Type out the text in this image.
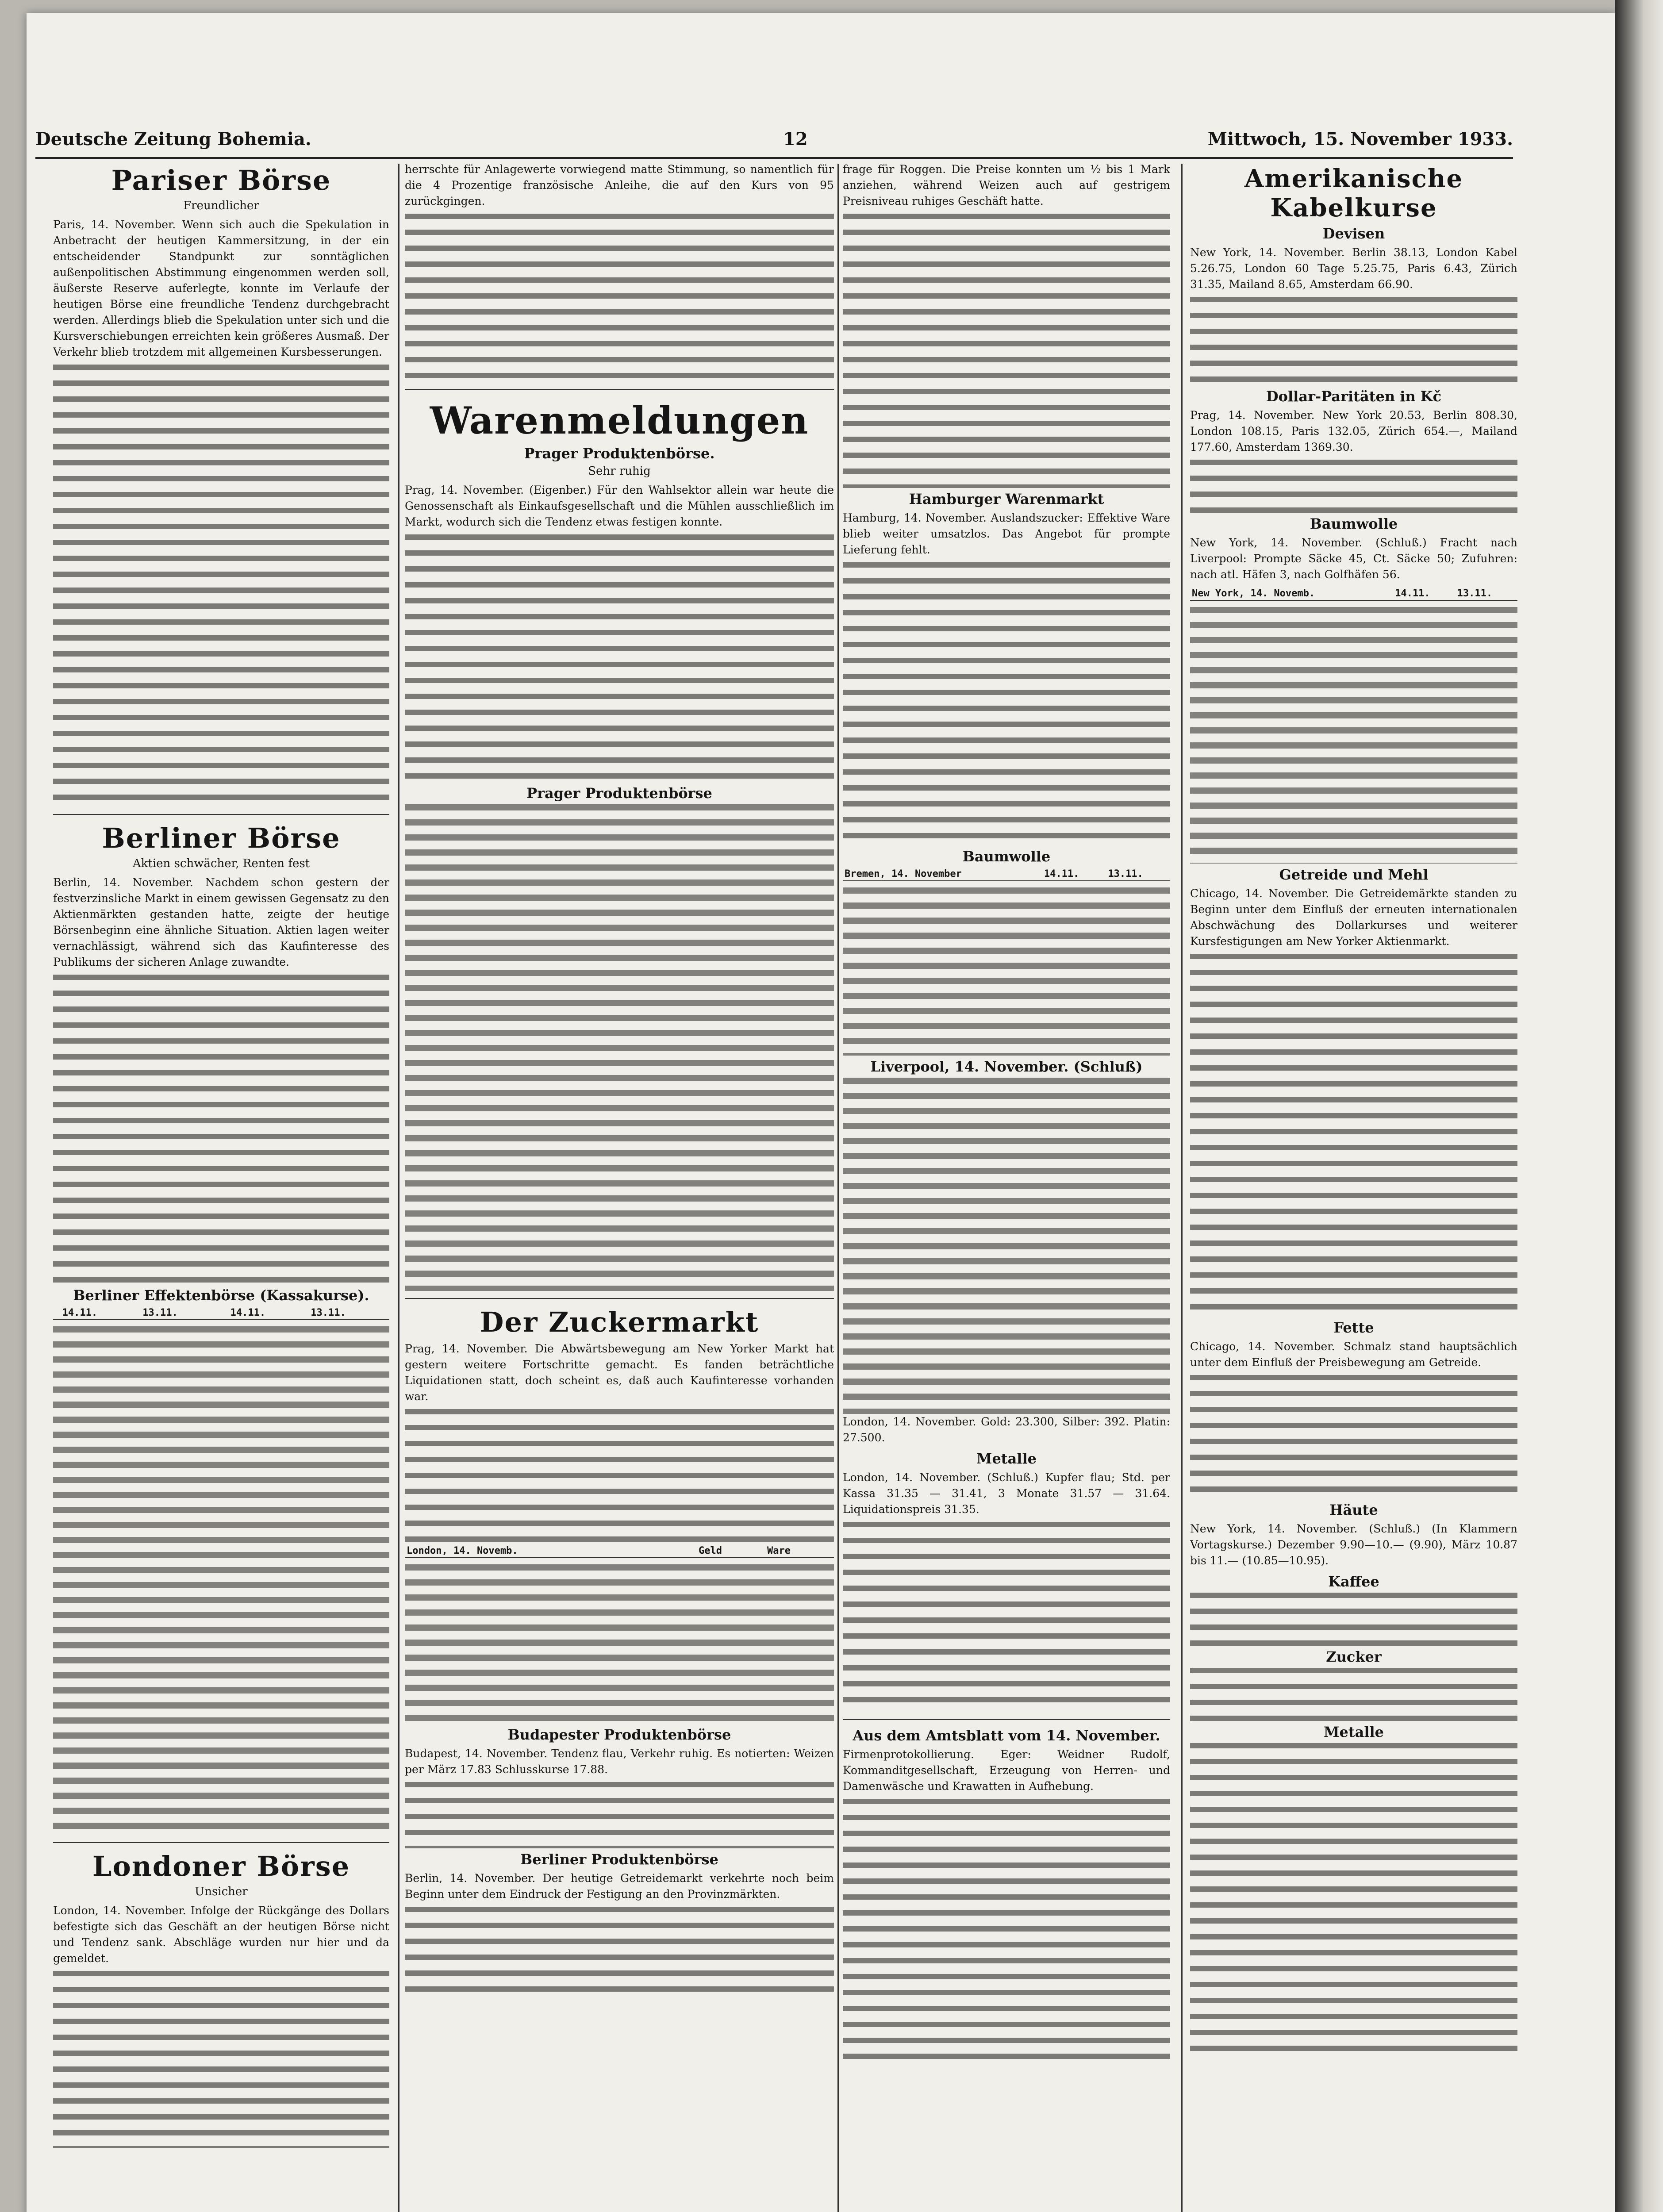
Deutsche Zeitung Bohemia.	12	Mittwoch, 15. November 1933.
Pariser Börse
Freundlicher
Paris, 14. November. Wenn sich auch die Spekulation in Anbetracht der heutigen Kammersitzung, in der ein entscheidender Standpunkt zur sonntäglichen außenpolitischen Abstimmung eingenommen werden soll, äußerste Reserve auferlegte, konnte im Verlaufe der heutigen Börse eine freundliche Tendenz durchgebracht werden. Allerdings blieb die Spekulation unter sich und die Kursverschiebungen erreichten kein größeres Ausmaß. Der Verkehr blieb trotzdem mit allgemeinen Kursbesserungen.
Berliner Börse
Aktien schwächer, Renten fest
Berlin, 14. November. Nachdem schon gestern der festverzinsliche Markt in einem gewissen Gegensatz zu den Aktienmärkten gestanden hatte, zeigte der heutige Börsenbeginn eine ähnliche Situation. Aktien lagen weiter vernachlässigt, während sich das Kaufinteresse des Publikums der sicheren Anlage zuwandte.
Berliner Effektenbörse (Kassakurse).
	14.11.	13.11.		14.11.	13.11.
Londoner Börse
Unsicher
London, 14. November. Infolge der Rückgänge des Dollars befestigte sich das Geschäft an der heutigen Börse nicht und Tendenz sank. Abschläge wurden nur hier und da gemeldet.
herrschte für Anlagewerte vorwiegend matte Stimmung, so namentlich für die 4 Prozentige französische Anleihe, die auf den Kurs von 95 zurückgingen.
Warenmeldungen
Prager Produktenbörse.
Sehr ruhig
Prag, 14. November. (Eigenber.) Für den Wahlsektor allein war heute die Genossenschaft als Einkaufsgesellschaft und die Mühlen ausschließlich im Markt, wodurch sich die Tendenz etwas festigen konnte.
Prager Produktenbörse
Der Zuckermarkt
Prag, 14. November. Die Abwärtsbewegung am New Yorker Markt hat gestern weitere Fortschritte gemacht. Es fanden beträchtliche Liquidationen statt, doch scheint es, daß auch Kaufinteresse vorhanden war.
London, 14. Novemb.	Geld	Ware
Budapester Produktenbörse
Budapest, 14. November. Tendenz flau, Verkehr ruhig. Es notierten: Weizen per März 17.83 Schlusskurse 17.88.
Berliner Produktenbörse
Berlin, 14. November. Der heutige Getreidemarkt verkehrte noch beim Beginn unter dem Eindruck der Festigung an den Provinzmärkten.
frage für Roggen. Die Preise konnten um ½ bis 1 Mark anziehen, während Weizen auch auf gestrigem Preisniveau ruhiges Geschäft hatte.
Hamburger Warenmarkt
Hamburg, 14. November. Auslandszucker: Effektive Ware blieb weiter umsatzlos. Das Angebot für prompte Lieferung fehlt.
Baumwolle
Bremen, 14. November	14.11.	13.11.
Liverpool, 14. November. (Schluß)
London, 14. November. Gold: 23.300, Silber: 392. Platin: 27.500.
Metalle
London, 14. November. (Schluß.) Kupfer flau; Std. per Kassa 31.35 — 31.41, 3 Monate 31.57 — 31.64. Liquidationspreis 31.35.
Aus dem Amtsblatt vom 14. November.
Firmenprotokollierung. Eger: Weidner Rudolf, Kommanditgesellschaft, Erzeugung von Herren- und Damenwäsche und Krawatten in Aufhebung.
Amerikanische Kabelkurse
Devisen
New York, 14. November. Berlin 38.13, London Kabel 5.26.75, London 60 Tage 5.25.75, Paris 6.43, Zürich 31.35, Mailand 8.65, Amsterdam 66.90.
Dollar-Paritäten in Kč
Prag, 14. November. New York 20.53, Berlin 808.30, London 108.15, Paris 132.05, Zürich 654.—, Mailand 177.60, Amsterdam 1369.30.
Baumwolle
New York, 14. November. (Schluß.) Fracht nach Liverpool: Prompte Säcke 45, Ct. Säcke 50; Zufuhren: nach atl. Häfen 3, nach Golfhäfen 56.
New York, 14. Novemb.	14.11.	13.11.
Getreide und Mehl
Chicago, 14. November. Die Getreidemärkte standen zu Beginn unter dem Einfluß der erneuten internationalen Abschwächung des Dollarkurses und weiterer Kursfestigungen am New Yorker Aktienmarkt.
Fette
Chicago, 14. November. Schmalz stand hauptsächlich unter dem Einfluß der Preisbewegung am Getreide.
Häute
New York, 14. November. (Schluß.) (In Klammern Vortagskurse.) Dezember 9.90—10.— (9.90), März 10.87 bis 11.— (10.85—10.95).
Kaffee
Zucker
Metalle
